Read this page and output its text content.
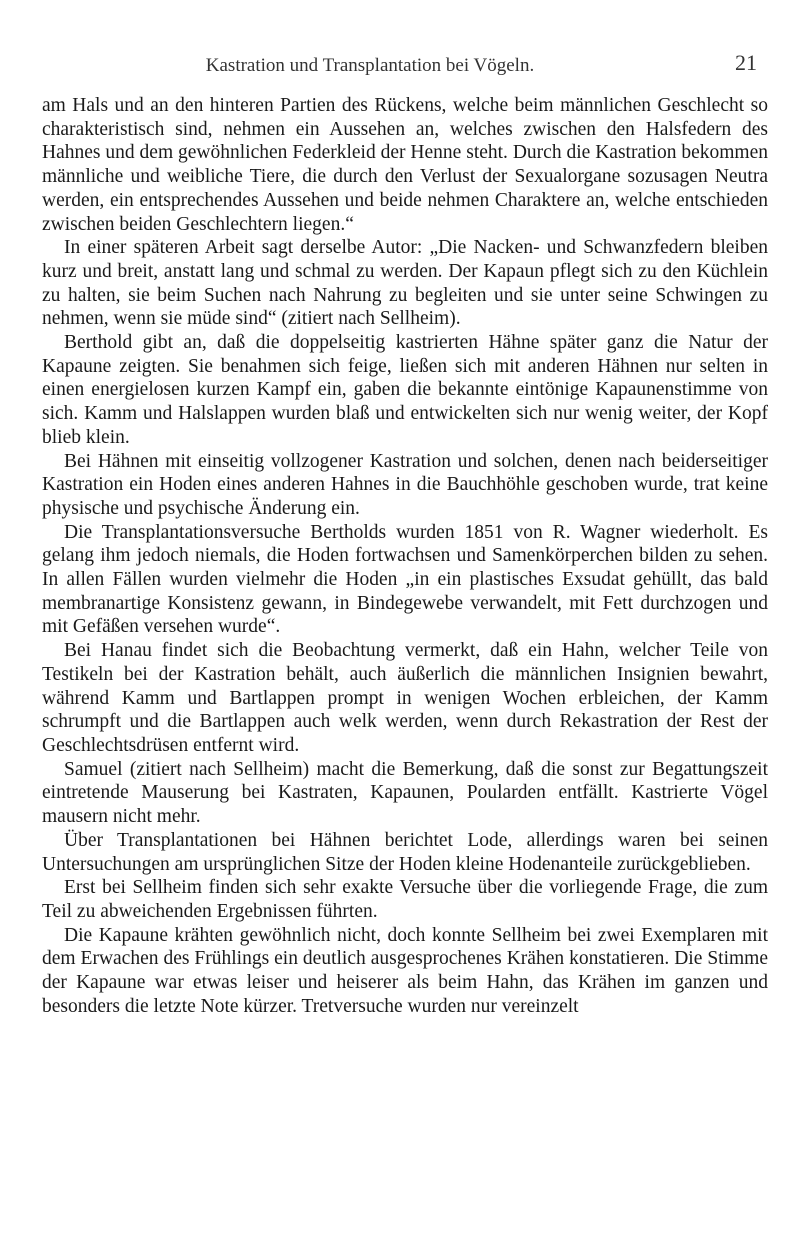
Kastration und Transplantation bei Vögeln.	21

am Hals und an den hinteren Partien des Rückens, welche beim männlichen Geschlecht so charakteristisch sind, nehmen ein Aussehen an, welches zwischen den Halsfedern des Hahnes und dem gewöhnlichen Federkleid der Henne steht. Durch die Kastration bekommen männliche und weibliche Tiere, die durch den Verlust der Sexualorgane sozusagen Neutra werden, ein entsprechendes Aussehen und beide nehmen Charaktere an, welche entschieden zwischen beiden Geschlechtern liegen.“

In einer späteren Arbeit sagt derselbe Autor: „Die Nacken- und Schwanzfedern bleiben kurz und breit, anstatt lang und schmal zu werden. Der Kapaun pflegt sich zu den Küchlein zu halten, sie beim Suchen nach Nahrung zu begleiten und sie unter seine Schwingen zu nehmen, wenn sie müde sind“ (zitiert nach Sellheim).

Berthold gibt an, daß die doppelseitig kastrierten Hähne später ganz die Natur der Kapaune zeigten. Sie benahmen sich feige, ließen sich mit anderen Hähnen nur selten in einen energielosen kurzen Kampf ein, gaben die bekannte eintönige Kapaunenstimme von sich. Kamm und Halslappen wurden blaß und entwickelten sich nur wenig weiter, der Kopf blieb klein.

Bei Hähnen mit einseitig vollzogener Kastration und solchen, denen nach beiderseitiger Kastration ein Hoden eines anderen Hahnes in die Bauchhöhle geschoben wurde, trat keine physische und psychische Änderung ein.

Die Transplantationsversuche Bertholds wurden 1851 von R. Wagner wiederholt. Es gelang ihm jedoch niemals, die Hoden fortwachsen und Samenkörperchen bilden zu sehen. In allen Fällen wurden vielmehr die Hoden „in ein plastisches Exsudat gehüllt, das bald membranartige Konsistenz gewann, in Bindegewebe verwandelt, mit Fett durchzogen und mit Gefäßen versehen wurde“.

Bei Hanau findet sich die Beobachtung vermerkt, daß ein Hahn, welcher Teile von Testikeln bei der Kastration behält, auch äußerlich die männlichen Insignien bewahrt, während Kamm und Bartlappen prompt in wenigen Wochen erbleichen, der Kamm schrumpft und die Bartlappen auch welk werden, wenn durch Rekastration der Rest der Geschlechtsdrüsen entfernt wird.

Samuel (zitiert nach Sellheim) macht die Bemerkung, daß die sonst zur Begattungszeit eintretende Mauserung bei Kastraten, Kapaunen, Poularden entfällt. Kastrierte Vögel mausern nicht mehr.

Über Transplantationen bei Hähnen berichtet Lode, allerdings waren bei seinen Untersuchungen am ursprünglichen Sitze der Hoden kleine Hodenanteile zurückgeblieben.

Erst bei Sellheim finden sich sehr exakte Versuche über die vorliegende Frage, die zum Teil zu abweichenden Ergebnissen führten.

Die Kapaune krähten gewöhnlich nicht, doch konnte Sellheim bei zwei Exemplaren mit dem Erwachen des Frühlings ein deutlich ausgesprochenes Krähen konstatieren. Die Stimme der Kapaune war etwas leiser und heiserer als beim Hahn, das Krähen im ganzen und besonders die letzte Note kürzer. Tretversuche wurden nur vereinzelt
